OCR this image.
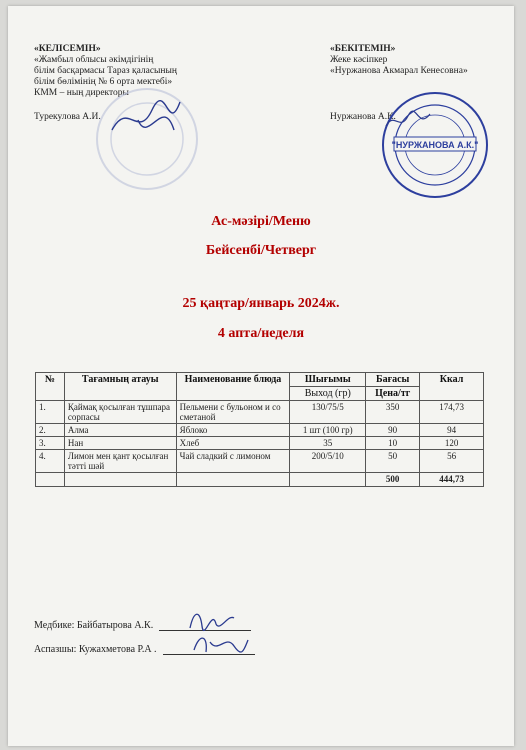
«КЕЛІСЕМІН»
«Жамбыл облысы әкімдігінің
білім басқармасы Тараз қаласының
білім бөлімінің № 6 орта мектебі»
КММ – ның директоры
Турекулова А.И.
«БЕКІТЕМІН»
Жеке кәсіпкер
«Нуржанова Акмарал Кенесовна»
Нуржанова А.К.
"НУРЖАНОВА А.К."
Ас-мәзірі/Меню
Бейсенбі/Четверг
25 қаңтар/январь 2024ж.
4 апта/неделя
№	Тағамның атауы	Наименование блюда	Шығымы	Бағасы	Ккал
			Выход (гр)	Цена/тг	
1.	Қаймақ қосылған тұшпара сорпасы	Пельмени с бульоном и со сметаной	130/75/5	350	174,73
2.	Алма	Яблоко	1 шт (100 гр)	90	94
3.	Нан	Хлеб	35	10	120
4.	Лимон мен қант қосылған тәтті шәй	Чай сладкий с лимоном	200/5/10	50	56
				500	444,73
Медбике: Байбатырова А.К.
Аспазшы: Кужахметова Р.А .
